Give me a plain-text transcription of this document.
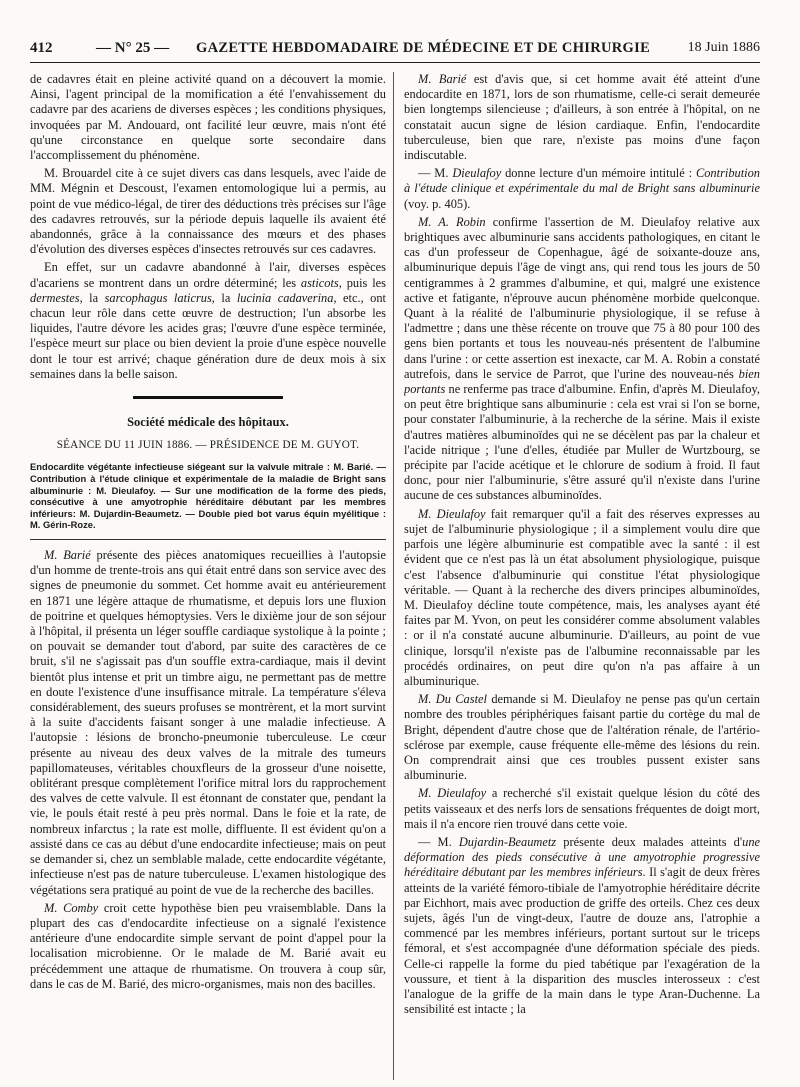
412	— N° 25 — GAZETTE HEBDOMADAIRE DE MÉDECINE ET DE CHIRURGIE	18 Juin 1886

de cadavres était en pleine activité quand on a découvert la momie. Ainsi, l'agent principal de la momification a été l'envahissement du cadavre par des acariens de diverses espèces ; les conditions physiques, invoquées par M. Andouard, ont facilité leur œuvre, mais n'ont été qu'une circonstance en quelque sorte secondaire dans l'accomplissement du phénomène.

M. Brouardel cite à ce sujet divers cas dans lesquels, avec l'aide de MM. Mégnin et Descoust, l'examen entomologique lui a permis, au point de vue médico-légal, de tirer des déductions très précises sur l'âge des cadavres retrouvés, sur la période depuis laquelle ils avaient été abandonnés, grâce à la connaissance des mœurs et des phases d'évolution des diverses espèces d'insectes retrouvés sur ces cadavres.

En effet, sur un cadavre abandonné à l'air, diverses espèces d'acariens se montrent dans un ordre déterminé; les asticots, puis les dermestes, la sarcophagus laticrus, la lucinia cadaverina, etc., ont chacun leur rôle dans cette œuvre de destruction; l'un absorbe les liquides, l'autre dévore les acides gras; l'œuvre d'une espèce terminée, l'espèce meurt sur place ou bien devient la proie d'une espèce nouvelle dont le tour est arrivé; chaque génération dure de deux mois à six semaines dans la belle saison.

Société médicale des hôpitaux.
SÉANCE DU 11 JUIN 1886. — PRÉSIDENCE DE M. GUYOT.

Endocardite végétante infectieuse siégeant sur la valvule mitrale : M. Barié. — Contribution à l'étude clinique et expérimentale de la maladie de Bright sans albuminurie : M. Dieulafoy. — Sur une modification de la forme des pieds, consécutive à une amyotrophie héréditaire débutant par les membres inférieurs: M. Dujardin-Beaumetz. — Double pied bot varus équin myélitique : M. Gérin-Roze.

M. Barié présente des pièces anatomiques recueillies à l'autopsie d'un homme de trente-trois ans qui était entré dans son service avec des signes de pneumonie du sommet. Cet homme avait eu antérieurement en 1871 une légère attaque de rhumatisme, et depuis lors une fluxion de poitrine et quelques hémoptysies. Vers le dixième jour de son séjour à l'hôpital, il présenta un léger souffle cardiaque systolique à la pointe ; on pouvait se demander tout d'abord, par suite des caractères de ce bruit, s'il ne s'agissait pas d'un souffle extra-cardiaque, mais il devint bientôt plus intense et prit un timbre aigu, ne permettant pas de mettre en doute l'existence d'une insuffisance mitrale. La température s'éleva considérablement, des sueurs profuses se montrèrent, et la mort survint à la suite d'accidents faisant songer à une maladie infectieuse. A l'autopsie : lésions de broncho-pneumonie tuberculeuse. Le cœur présente au niveau des deux valves de la mitrale des tumeurs papillomateuses, véritables chouxfleurs de la grosseur d'une noisette, oblitérant presque complètement l'orifice mitral lors du rapprochement des valves de cette valvule. Il est étonnant de constater que, pendant la vie, le pouls était resté à peu près normal. Dans le foie et la rate, de nombreux infarctus ; la rate est molle, diffluente. Il est évident qu'on a assisté dans ce cas au début d'une endocardite infectieuse; mais on peut se demander si, chez un semblable malade, cette endocardite végétante, infectieuse n'est pas de nature tuberculeuse. L'examen histologique des végétations sera pratiqué au point de vue de la recherche des bacilles.

M. Comby croit cette hypothèse bien peu vraisemblable. Dans la plupart des cas d'endocardite infectieuse on a signalé l'existence antérieure d'une endocardite simple servant de point d'appel pour la localisation microbienne. Or le malade de M. Barié avait eu précédemment une attaque de rhumatisme. On trouvera à coup sûr, dans le cas de M. Barié, des micro-organismes, mais non des bacilles.

M. Barié est d'avis que, si cet homme avait été atteint d'une endocardite en 1871, lors de son rhumatisme, celle-ci serait demeurée bien longtemps silencieuse ; d'ailleurs, à son entrée à l'hôpital, on ne constatait aucun signe de lésion cardiaque. Enfin, l'endocardite tuberculeuse, bien que rare, n'existe pas moins d'une façon indiscutable.

— M. Dieulafoy donne lecture d'un mémoire intitulé : Contribution à l'étude clinique et expérimentale du mal de Bright sans albuminurie (voy. p. 405).

M. A. Robin confirme l'assertion de M. Dieulafoy relative aux brightiques avec albuminurie sans accidents pathologiques, en citant le cas d'un professeur de Copenhague, âgé de soixante-douze ans, albuminurique depuis l'âge de vingt ans, qui rend tous les jours de 50 centigrammes à 2 grammes d'albumine, et qui, malgré une existence active et fatigante, n'éprouve aucun phénomène morbide quelconque. Quant à la réalité de l'albuminurie physiologique, il se refuse à l'admettre ; dans une thèse récente on trouve que 75 à 80 pour 100 des gens bien portants et tous les nouveau-nés présentent de l'albumine dans l'urine : or cette assertion est inexacte, car M. A. Robin a constaté autrefois, dans le service de Parrot, que l'urine des nouveau-nés bien portants ne renferme pas trace d'albumine. Enfin, d'après M. Dieulafoy, on peut être brightique sans albuminurie : cela est vrai si l'on se borne, pour constater l'albuminurie, à la recherche de la sérine. Mais il existe d'autres matières albuminoïdes qui ne se décèlent pas par la chaleur et l'acide nitrique ; l'une d'elles, étudiée par Muller de Wurtzbourg, se précipite par l'acide acétique et le chlorure de sodium à froid. Il faut donc, pour nier l'albuminurie, s'être assuré qu'il n'existe dans l'urine aucune de ces substances albuminoïdes.

M. Dieulafoy fait remarquer qu'il a fait des réserves expresses au sujet de l'albuminurie physiologique ; il a simplement voulu dire que parfois une légère albuminurie est compatible avec la santé : il est évident que ce n'est pas là un état absolument physiologique, puisque c'est l'absence d'albuminurie qui constitue l'état physiologique véritable. — Quant à la recherche des divers principes albuminoïdes, M. Dieulafoy décline toute compétence, mais, les analyses ayant été faites par M. Yvon, on peut les considérer comme absolument valables : or il n'a constaté aucune albuminurie. D'ailleurs, au point de vue clinique, lorsqu'il n'existe pas de l'albumine reconnaissable par les procédés ordinaires, on peut dire qu'on n'a pas affaire à un albuminurique.

M. Du Castel demande si M. Dieulafoy ne pense pas qu'un certain nombre des troubles périphériques faisant partie du cortège du mal de Bright, dépendent d'autre chose que de l'altération rénale, de l'artério-sclérose par exemple, cause fréquente elle-même des lésions du rein. On comprendrait ainsi que ces troubles pussent exister sans albuminurie.

M. Dieulafoy a recherché s'il existait quelque lésion du côté des petits vaisseaux et des nerfs lors de sensations fréquentes de doigt mort, mais il n'a encore rien trouvé dans cette voie.

— M. Dujardin-Beaumetz présente deux malades atteints d'une déformation des pieds consécutive à une amyotrophie progressive héréditaire débutant par les membres inférieurs. Il s'agit de deux frères atteints de la variété fémoro-tibiale de l'amyotrophie héréditaire décrite par Eichhort, mais avec production de griffe des orteils. Chez ces deux sujets, âgés l'un de vingt-deux, l'autre de douze ans, l'atrophie a commencé par les membres inférieurs, portant surtout sur le triceps fémoral, et s'est accompagnée d'une déformation spéciale des pieds. Celle-ci rappelle la forme du pied tabétique par l'exagération de la voussure, et tient à la disparition des muscles interosseux : c'est l'analogue de la griffe de la main dans le type Aran-Duchenne. La sensibilité est intacte ; la
